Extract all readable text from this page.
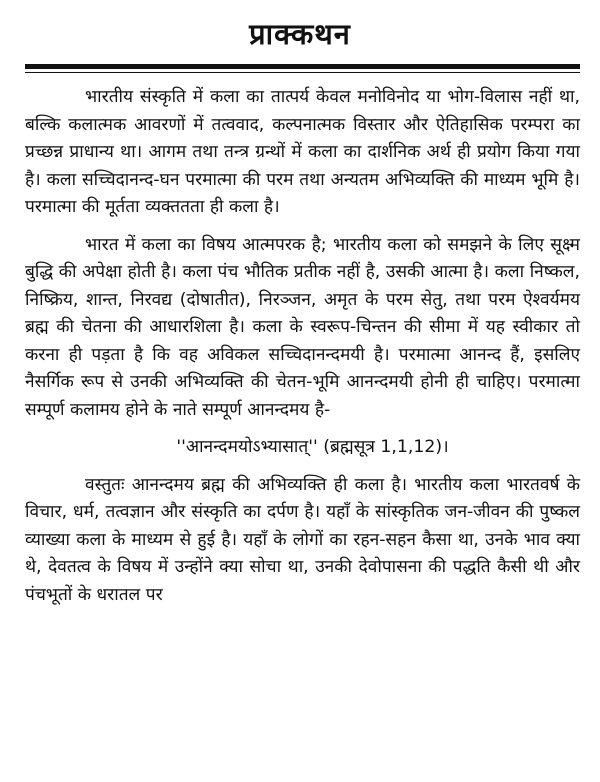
प्राक्कथन

भारतीय संस्कृति में कला का तात्पर्य केवल मनोविनोद या भोग-विलास नहीं था, बल्कि कलात्मक आवरणों में तत्ववाद, कल्पनात्मक विस्तार और ऐतिहासिक परम्परा का प्रच्छन्न प्राधान्य था। आगम तथा तन्त्र ग्रन्थों में कला का दार्शनिक अर्थ ही प्रयोग किया गया है। कला सच्चिदानन्द-घन परमात्मा की परम तथा अन्यतम अभिव्यक्ति की माध्यम भूमि है। परमात्मा की मूर्तता व्यक्ततता ही कला है।

भारत में कला का विषय आत्मपरक है; भारतीय कला को समझने के लिए सूक्ष्म बुद्धि की अपेक्षा होती है। कला पंच भौतिक प्रतीक नहीं है, उसकी आत्मा है। कला निष्कल, निष्क्रिय, शान्त, निरवद्य (दोषातीत), निरञ्जन, अमृत के परम सेतु, तथा परम ऐश्वर्यमय ब्रह्म की चेतना की आधारशिला है। कला के स्वरूप-चिन्तन की सीमा में यह स्वीकार तो करना ही पड़ता है कि वह अविकल सच्चिदानन्दमयी है। परमात्मा आनन्द हैं, इसलिए नैसर्गिक रूप से उनकी अभिव्यक्ति की चेतन-भूमि आनन्दमयी होनी ही चाहिए। परमात्मा सम्पूर्ण कलामय होने के नाते सम्पूर्ण आनन्दमय है-

''आनन्दमयोऽभ्यासात्'' (ब्रह्मसूत्र 1,1,12)।

वस्तुतः आनन्दमय ब्रह्म की अभिव्यक्ति ही कला है। भारतीय कला भारतवर्ष के विचार, धर्म, तत्वज्ञान और संस्कृति का दर्पण है। यहाँ के सांस्कृतिक जन-जीवन की पुष्कल व्याख्या कला के माध्यम से हुई है। यहाँ के लोगों का रहन-सहन कैसा था, उनके भाव क्या थे, देवतत्व के विषय में उन्होंने क्या सोचा था, उनकी देवोपासना की पद्धति कैसी थी और पंचभूतों के धरातल पर
